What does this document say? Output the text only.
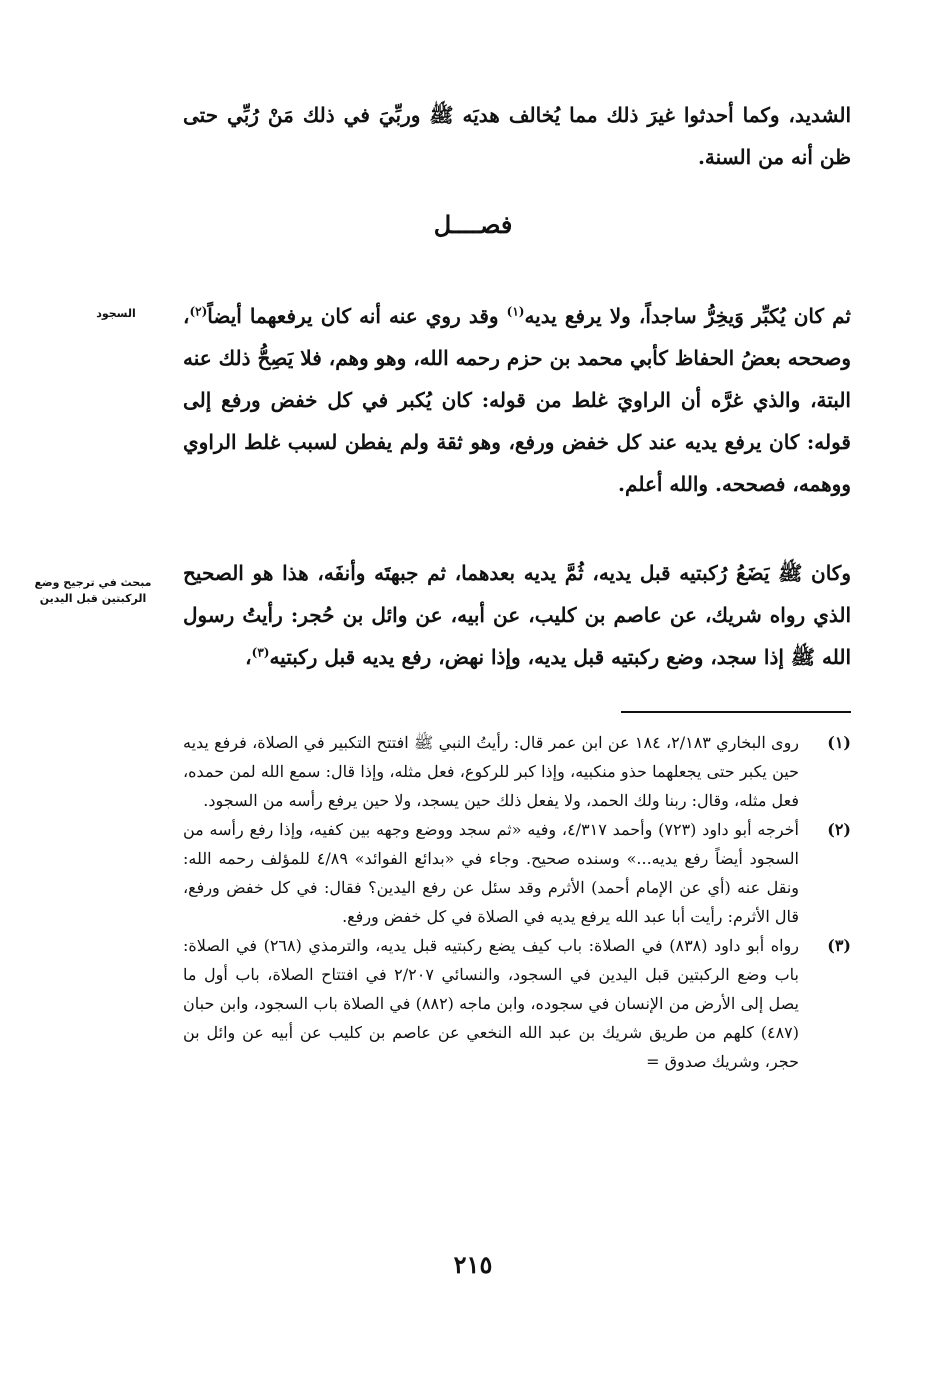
الشديد، وكما أحدثوا غيرَ ذلك مما يُخالف هديَه ﷺ وربِّيَ في ذلك مَنْ رُبِّي حتى ظن أنه من السنة.

فصــــل

ثم كان يُكبِّر وَيخِرُّ ساجداً، ولا يرفع يديه$^{(١)}$ وقد روي عنه أنه كان يرفعهما أيضاً$^{(٢)}$، وصححه بعضُ الحفاظ كأبي محمد بن حزم رحمه الله، وهو وهم، فلا يَصِحُّ ذلك عنه البتة، والذي غرَّه أن الراويَ غلط من قوله: كان يُكبر في كل خفض ورفع إلى قوله: كان يرفع يديه عند كل خفض ورفع، وهو ثقة ولم يفطن لسبب غلط الراوي ووهمه، فصححه. والله أعلم.

وكان ﷺ يَضَعُ رُكبتيه قبل يديه، ثُمَّ يديه بعدهما، ثم جبهتَه وأنفَه، هذا هو الصحيح الذي رواه شريك، عن عاصم بن كليب، عن أبيه، عن وائل بن حُجر: رأيتُ رسول الله ﷺ إذا سجد، وضع ركبتيه قبل يديه، وإذا نهض، رفع يديه قبل ركبتيه$^{(٣)}$،

السجود
مبحث في ترجيح وضع الركبتين قبل اليدين
(١)
روى البخاري ٢/١٨٣، ١٨٤ عن ابن عمر قال: رأيتُ النبي ﷺ افتتح التكبير في الصلاة، فرفع يديه حين يكبر حتى يجعلهما حذو منكبيه، وإذا كبر للركوع، فعل مثله، وإذا قال: سمع الله لمن حمده، فعل مثله، وقال: ربنا ولك الحمد، ولا يفعل ذلك حين يسجد، ولا حين يرفع رأسه من السجود.
(٢)
أخرجه أبو داود (٧٢٣) وأحمد ٤/٣١٧، وفيه «ثم سجد ووضع وجهه بين كفيه، وإذا رفع رأسه من السجود أيضاً رفع يديه...» وسنده صحيح. وجاء في «بدائع الفوائد» ٤/٨٩ للمؤلف رحمه الله: ونقل عنه (أي عن الإمام أحمد) الأثرم وقد سئل عن رفع اليدين؟ فقال: في كل خفض ورفع، قال الأثرم: رأيت أبا عبد الله يرفع يديه في الصلاة في كل خفض ورفع.
(٣)
رواه أبو داود (٨٣٨) في الصلاة: باب كيف يضع ركبتيه قبل يديه، والترمذي (٢٦٨) في الصلاة: باب وضع الركبتين قبل اليدين في السجود، والنسائي ٢/٢٠٧ في افتتاح الصلاة، باب أول ما يصل إلى الأرض من الإنسان في سجوده، وابن ماجه (٨٨٢) في الصلاة باب السجود، وابن حبان (٤٨٧) كلهم من طريق شريك بن عبد الله النخعي عن عاصم بن كليب عن أبيه عن وائل بن حجر، وشريك صدوق =
٢١٥
